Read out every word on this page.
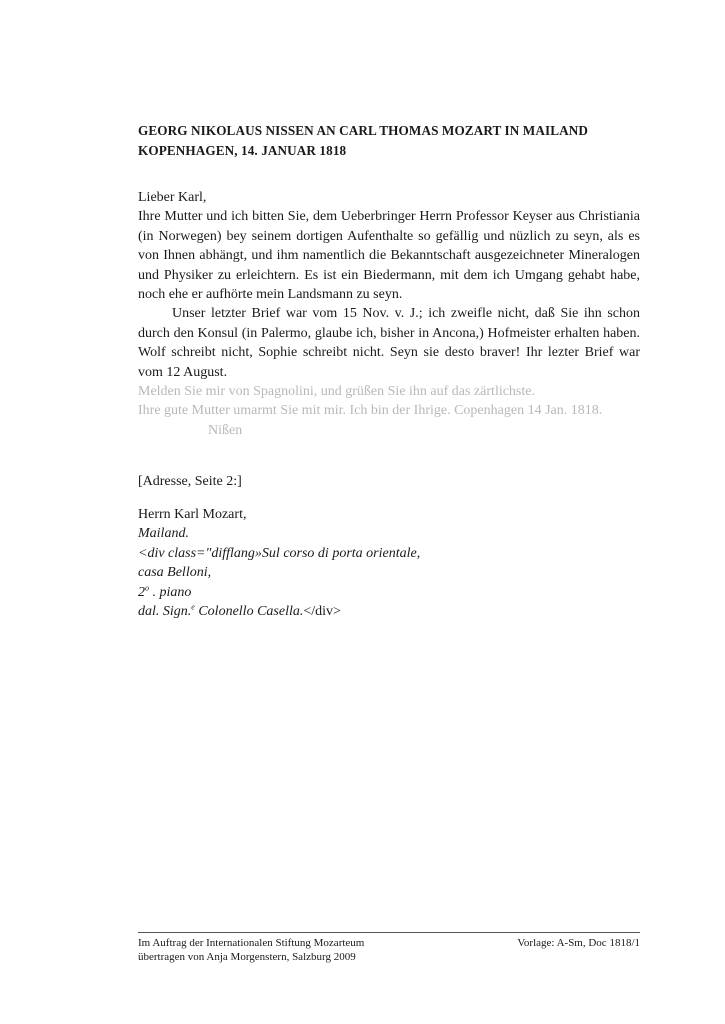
GEORG NIKOLAUS NISSEN AN CARL THOMAS MOZART IN MAILAND
KOPENHAGEN, 14. JANUAR 1818

Lieber Karl,

Ihre Mutter und ich bitten Sie, dem Ueberbringer Herrn Professor Keyser aus Christiania (in Norwegen) bey seinem dortigen Aufenthalte so gefällig und nüzlich zu seyn, als es von Ihnen abhängt, und ihm namentlich die Bekanntschaft ausgezeichneter Mineralogen und Physiker zu erleichtern. Es ist ein Biedermann, mit dem ich Umgang gehabt habe, noch ehe er aufhörte mein Landsmann zu seyn.

Unser letzter Brief war vom 15 Nov. v. J.; ich zweifle nicht, daß Sie ihn schon durch den Konsul (in Palermo, glaube ich, bisher in Ancona,) Hofmeister erhalten haben. Wolf schreibt nicht, Sophie schreibt nicht. Seyn sie desto braver! Ihr lezter Brief war vom 12 August.

Melden Sie mir von Spagnolini, und grüßen Sie ihn auf das zärtlichste.

Ihre gute Mutter umarmt Sie mit mir. Ich bin der Ihrige. Copenhagen 14 Jan. 1818.

Nißen

[Adresse, Seite 2:]
Herrn Karl Mozart,
Mailand.
<div class="difflang»Sul corso di porta orientale,
casa Belloni,
2$^o$ . piano
dal. Sign.$^e$ Colonello Casella.</div>
Im Auftrag der Internationalen Stiftung Mozarteum
übertragen von Anja Morgenstern, Salzburg 2009
Vorlage: A-Sm, Doc 1818/1
